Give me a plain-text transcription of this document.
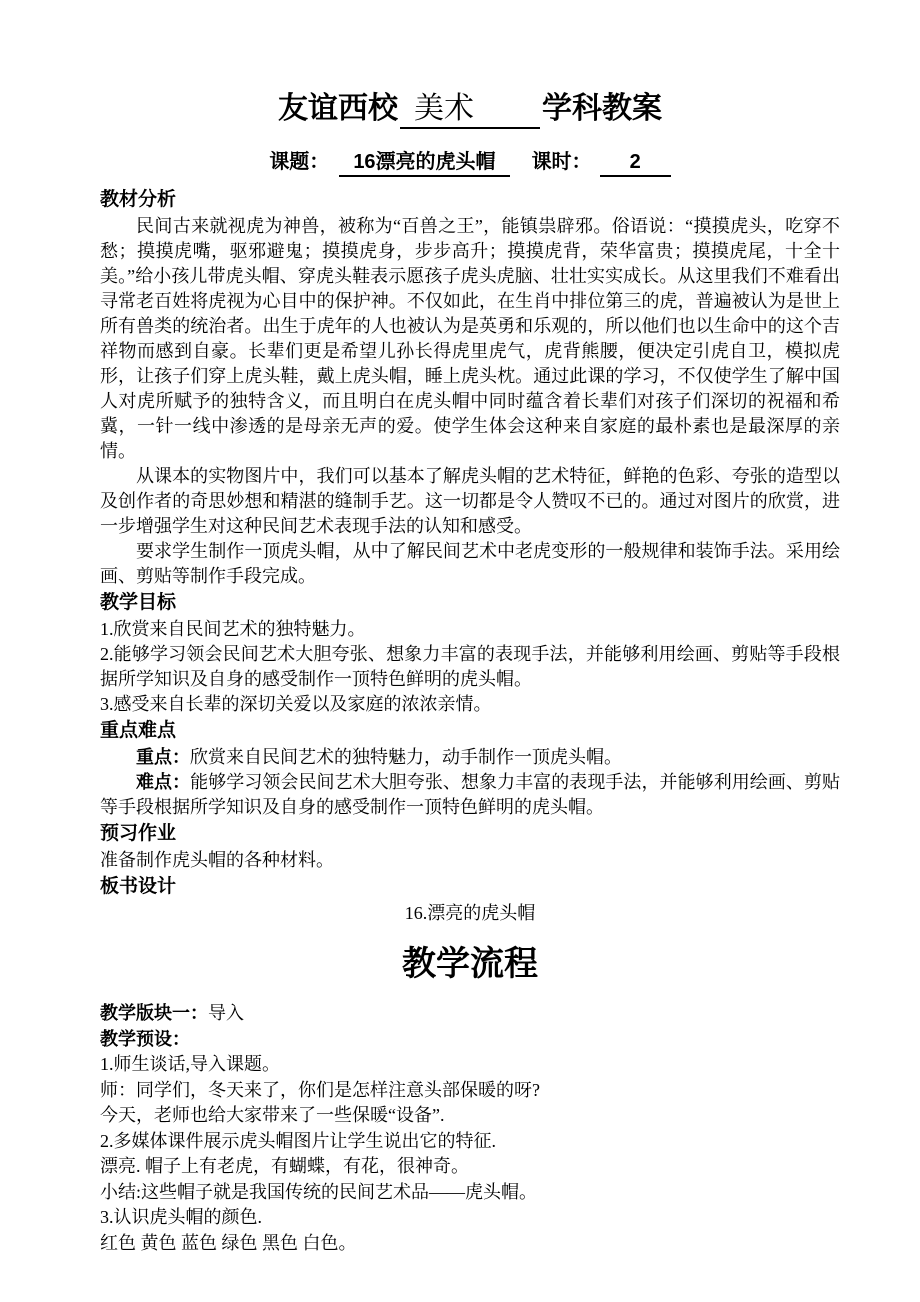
友谊西校 美术 学科教案
课题： 16漂亮的虎头帽 课时： 2
教材分析

民间古来就视虎为神兽，被称为“百兽之王”，能镇祟辟邪。俗语说：“摸摸虎头，吃穿不愁；摸摸虎嘴，驱邪避鬼；摸摸虎身，步步高升；摸摸虎背，荣华富贵；摸摸虎尾，十全十美。”给小孩儿带虎头帽、穿虎头鞋表示愿孩子虎头虎脑、壮壮实实成长。从这里我们不难看出寻常老百姓将虎视为心目中的保护神。不仅如此，在生肖中排位第三的虎，普遍被认为是世上所有兽类的统治者。出生于虎年的人也被认为是英勇和乐观的，所以他们也以生命中的这个吉祥物而感到自豪。长辈们更是希望儿孙长得虎里虎气，虎背熊腰，便决定引虎自卫，模拟虎形，让孩子们穿上虎头鞋，戴上虎头帽，睡上虎头枕。通过此课的学习，不仅使学生了解中国人对虎所赋予的独特含义，而且明白在虎头帽中同时蕴含着长辈们对孩子们深切的祝福和希冀，一针一线中渗透的是母亲无声的爱。使学生体会这种来自家庭的最朴素也是最深厚的亲情。

从课本的实物图片中，我们可以基本了解虎头帽的艺术特征，鲜艳的色彩、夸张的造型以及创作者的奇思妙想和精湛的缝制手艺。这一切都是令人赞叹不已的。通过对图片的欣赏，进一步增强学生对这种民间艺术表现手法的认知和感受。

要求学生制作一顶虎头帽，从中了解民间艺术中老虎变形的一般规律和装饰手法。采用绘画、剪贴等制作手段完成。

教学目标

1.欣赏来自民间艺术的独特魅力。

2.能够学习领会民间艺术大胆夸张、想象力丰富的表现手法，并能够利用绘画、剪贴等手段根据所学知识及自身的感受制作一顶特色鲜明的虎头帽。

3.感受来自长辈的深切关爱以及家庭的浓浓亲情。

重点难点

重点：欣赏来自民间艺术的独特魅力，动手制作一顶虎头帽。

难点：能够学习领会民间艺术大胆夸张、想象力丰富的表现手法，并能够利用绘画、剪贴等手段根据所学知识及自身的感受制作一顶特色鲜明的虎头帽。

预习作业

准备制作虎头帽的各种材料。

板书设计

16.漂亮的虎头帽

教学流程

教学版块一：导入

教学预设：

1.师生谈话,导入课题。

师：同学们，冬天来了，你们是怎样注意头部保暖的呀?

今天，老师也给大家带来了一些保暖“设备”.

2.多媒体课件展示虎头帽图片让学生说出它的特征.

漂亮. 帽子上有老虎，有蝴蝶，有花，很神奇。

小结:这些帽子就是我国传统的民间艺术品——虎头帽。

3.认识虎头帽的颜色.

红色 黄色 蓝色 绿色 黑色 白色。
